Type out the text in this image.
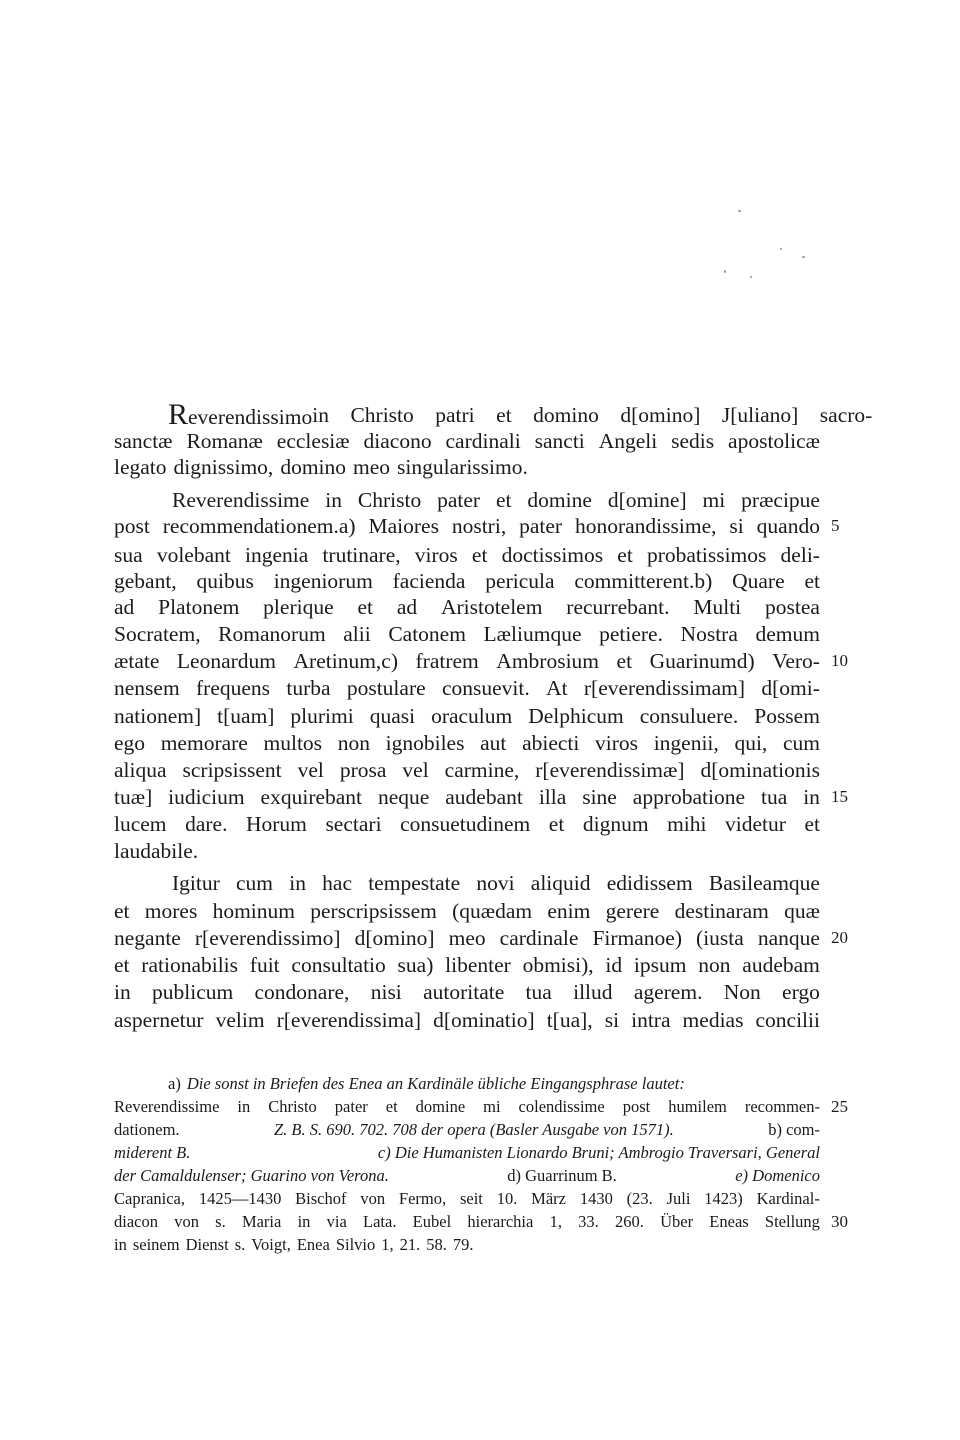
Reverendissimo in Christo patri et domino d[omino] J[uliano] sacro-
sanctæ Romanæ ecclesiæ diacono cardinali sancti Angeli sedis apostolicæ
legato dignissimo, domino meo singularissimo.
Reverendissime in Christo pater et domine d[omine] mi præcipue
post recommendationem.a) Maiores nostri, pater honorandissime, si quando
sua volebant ingenia trutinare, viros et doctissimos et probatissimos deli-
gebant, quibus ingeniorum facienda pericula committerent.b) Quare et
ad Platonem plerique et ad Aristotelem recurrebant. Multi postea
Socratem, Romanorum alii Catonem Læliumque petiere. Nostra demum
ætate Leonardum Aretinum,c) fratrem Ambrosium et Guarinumd) Vero-
nensem frequens turba postulare consuevit. At r[everendissimam] d[omi-
nationem] t[uam] plurimi quasi oraculum Delphicum consuluere. Possem
ego memorare multos non ignobiles aut abiecti viros ingenii, qui, cum
aliqua scripsissent vel prosa vel carmine, r[everendissimæ] d[ominationis
tuæ] iudicium exquirebant neque audebant illa sine approbatione tua in
lucem dare. Horum sectari consuetudinem et dignum mihi videtur et
laudabile.
Igitur cum in hac tempestate novi aliquid edidissem Basileamque
et mores hominum perscripsissem (quædam enim gerere destinaram quæ
negante r[everendissimo] d[omino] meo cardinale Firmanoe) (iusta nanque
et rationabilis fuit consultatio sua) libenter obmisi), id ipsum non audebam
in publicum condonare, nisi autoritate tua illud agerem. Non ergo
aspernetur velim r[everendissima] d[ominatio] t[ua], si intra medias concilii
5
10
15
20
25
30
a) Die sonst in Briefen des Enea an Kardinäle übliche Eingangsphrase lautet:
Reverendissime in Christo pater et domine mi colendissime post humilem recommen-
dationem.	Z. B. S. 690. 702. 708 der opera (Basler Ausgabe von 1571).	b) com-
miderent B.	c) Die Humanisten Lionardo Bruni; Ambrogio Traversari, General
der Camaldulenser; Guarino von Verona.	d) Guarrinum B.	e) Domenico
Capranica, 1425—1430 Bischof von Fermo, seit 10. März 1430 (23. Juli 1423) Kardinal-
diacon von s. Maria in via Lata. Eubel hierarchia 1, 33. 260. Über Eneas Stellung
in seinem Dienst s. Voigt, Enea Silvio 1, 21. 58. 79.
